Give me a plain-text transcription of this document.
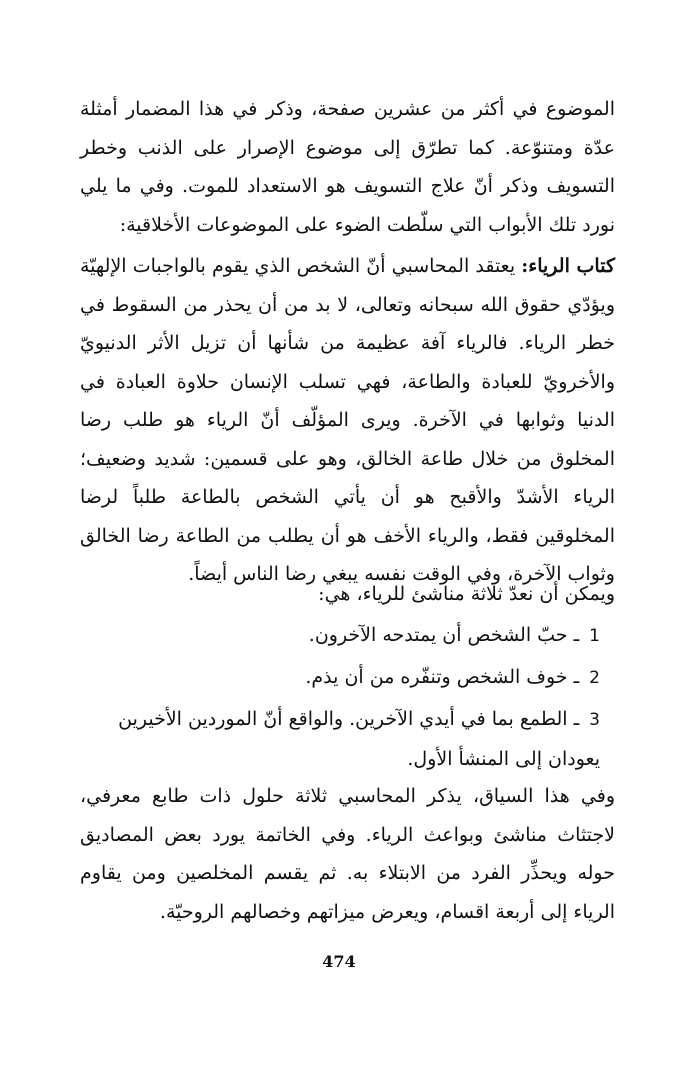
الموضوع في أكثر من عشرين صفحة، وذكر في هذا المضمار أمثلة عدّة ومتنوّعة. كما تطرّق إلى موضوع الإصرار على الذنب وخطر التسويف وذكر أنّ علاج التسويف هو الاستعداد للموت. وفي ما يلي نورد تلك الأبواب التي سلّطت الضوء على الموضوعات الأخلاقية:

كتاب الرياء: يعتقد المحاسبي أنّ الشخص الذي يقوم بالواجبات الإلهيّة ويؤدّي حقوق الله سبحانه وتعالى، لا بد من أن يحذر من السقوط في خطر الرياء. فالرياء آفة عظيمة من شأنها أن تزيل الأثر الدنيويّ والأخرويّ للعبادة والطاعة، فهي تسلب الإنسان حلاوة العبادة في الدنيا وثوابها في الآخرة. ويرى المؤلّف أنّ الرياء هو طلب رضا المخلوق من خلال طاعة الخالق، وهو على قسمين: شديد وضعيف؛ الرياء الأشدّ والأقبح هو أن يأتي الشخص بالطاعة طلباً لرضا المخلوقين فقط، والرياء الأخف هو أن يطلب من الطاعة رضا الخالق وثواب الآخرة، وفي الوقت نفسه يبغي رضا الناس أيضاً.

ويمكن أن نعدّ ثلاثة مناشئ للرياء، هي:

1ـ حبّ الشخص أن يمتدحه الآخرون.
2ـ خوف الشخص وتنفّره من أن يذم.
3ـ الطمع بما في أيدي الآخرين. والواقع أنّ الموردين الأخيرين يعودان إلى المنشأ الأول.

وفي هذا السياق، يذكر المحاسبي ثلاثة حلول ذات طابع معرفي، لاجتثاث مناشئ وبواعث الرياء. وفي الخاتمة يورد بعض المصاديق حوله ويحذِّر الفرد من الابتلاء به. ثم يقسم المخلصين ومن يقاوم الرياء إلى أربعة اقسام، ويعرض ميزاتهم وخصالهم الروحيّة.

474
